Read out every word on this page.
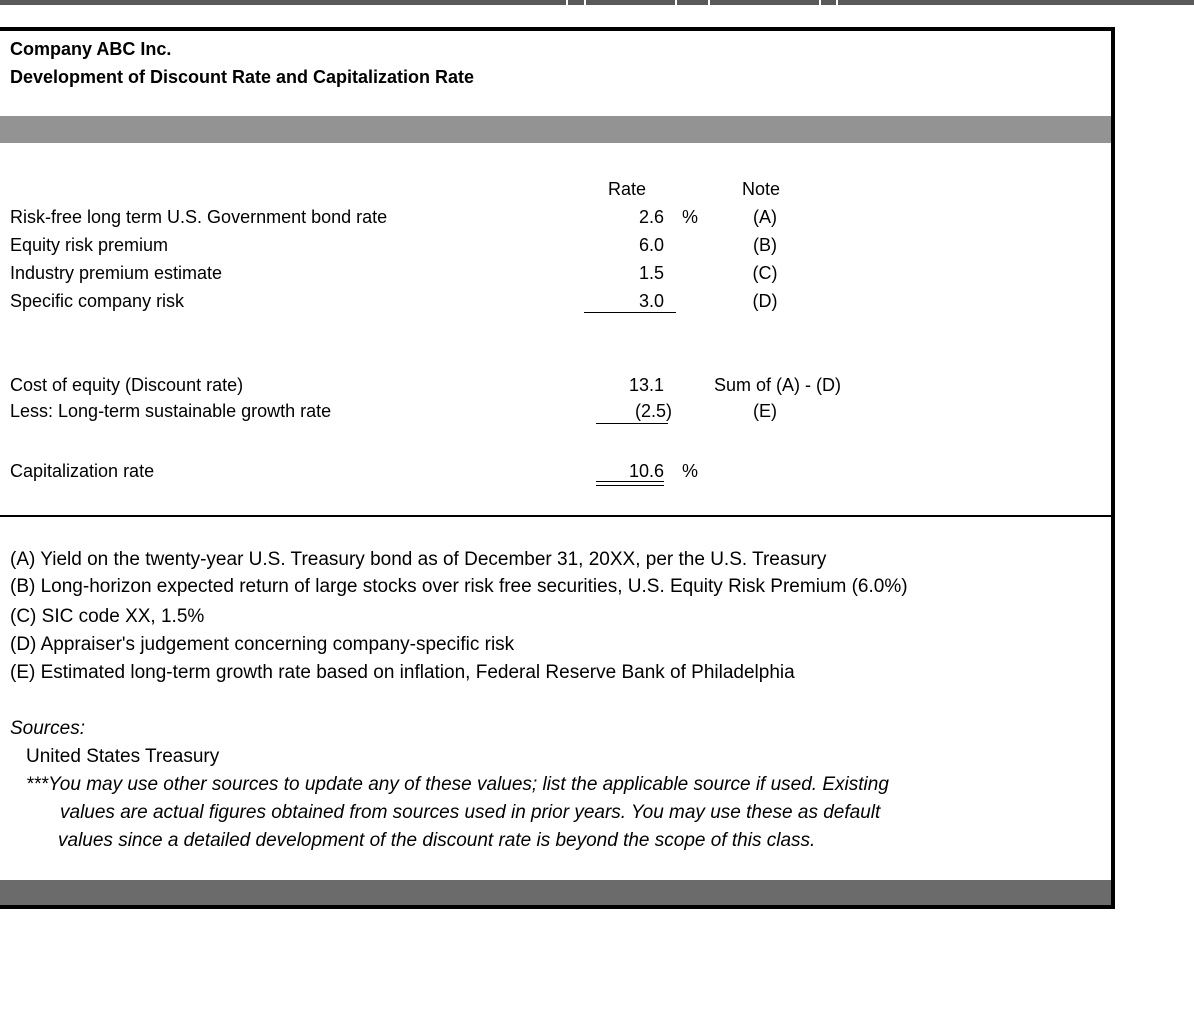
Company ABC Inc.
Development of Discount Rate and Capitalization Rate
Rate	Note
Risk-free long term U.S. Government bond rate	2.6 %	(A)
Equity risk premium	6.0	(B)
Industry premium estimate	1.5	(C)
Specific company risk	3.0	(D)
Cost of equity (Discount rate)	13.1	Sum of (A) - (D)
Less: Long-term sustainable growth rate	(2.5)	(E)
Capitalization rate	10.6 %
(A) Yield on the twenty-year U.S. Treasury bond as of December 31, 20XX, per the U.S. Treasury
(B) Long-horizon expected return of large stocks over risk free securities, U.S. Equity Risk Premium (6.0%)
(C) SIC code XX, 1.5%
(D) Appraiser's judgement concerning company-specific risk
(E) Estimated long-term growth rate based on inflation, Federal Reserve Bank of Philadelphia
Sources:
United States Treasury
***You may use other sources to update any of these values; list the applicable source if used. Existing
values are actual figures obtained from sources used in prior years. You may use these as default
values since a detailed development of the discount rate is beyond the scope of this class.
